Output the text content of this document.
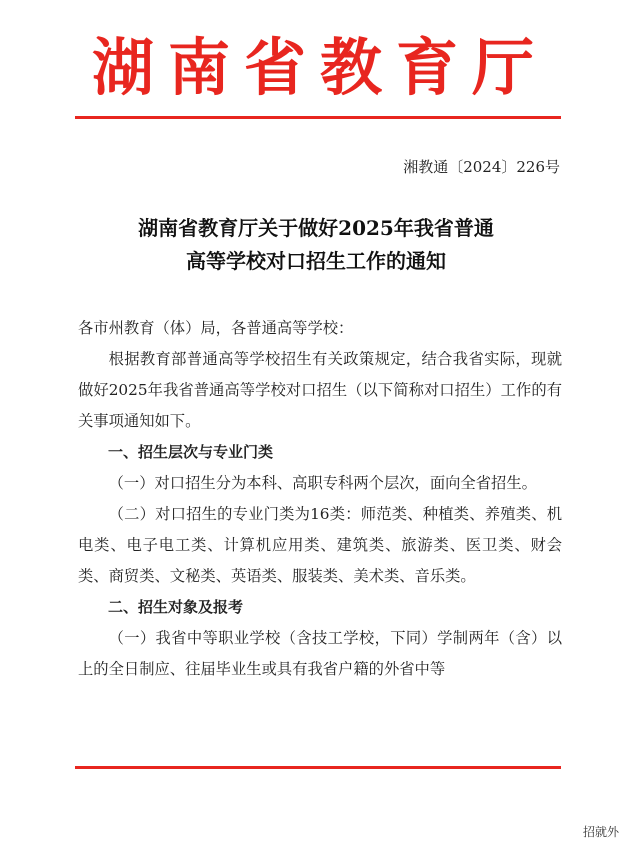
湖南省教育厅
湘教通〔2024〕226号
湖南省教育厅关于做好2025年我省普通
高等学校对口招生工作的通知

各市州教育（体）局，各普通高等学校：

根据教育部普通高等学校招生有关政策规定，结合我省实际，现就做好2025年我省普通高等学校对口招生（以下简称对口招生）工作的有关事项通知如下。

一、招生层次与专业门类

（一）对口招生分为本科、高职专科两个层次，面向全省招生。

（二）对口招生的专业门类为16类：师范类、种植类、养殖类、机电类、电子电工类、计算机应用类、建筑类、旅游类、医卫类、财会类、商贸类、文秘类、英语类、服装类、美术类、音乐类。

二、招生对象及报考

（一）我省中等职业学校（含技工学校，下同）学制两年（含）以上的全日制应、往届毕业生或具有我省户籍的外省中等

招就外
